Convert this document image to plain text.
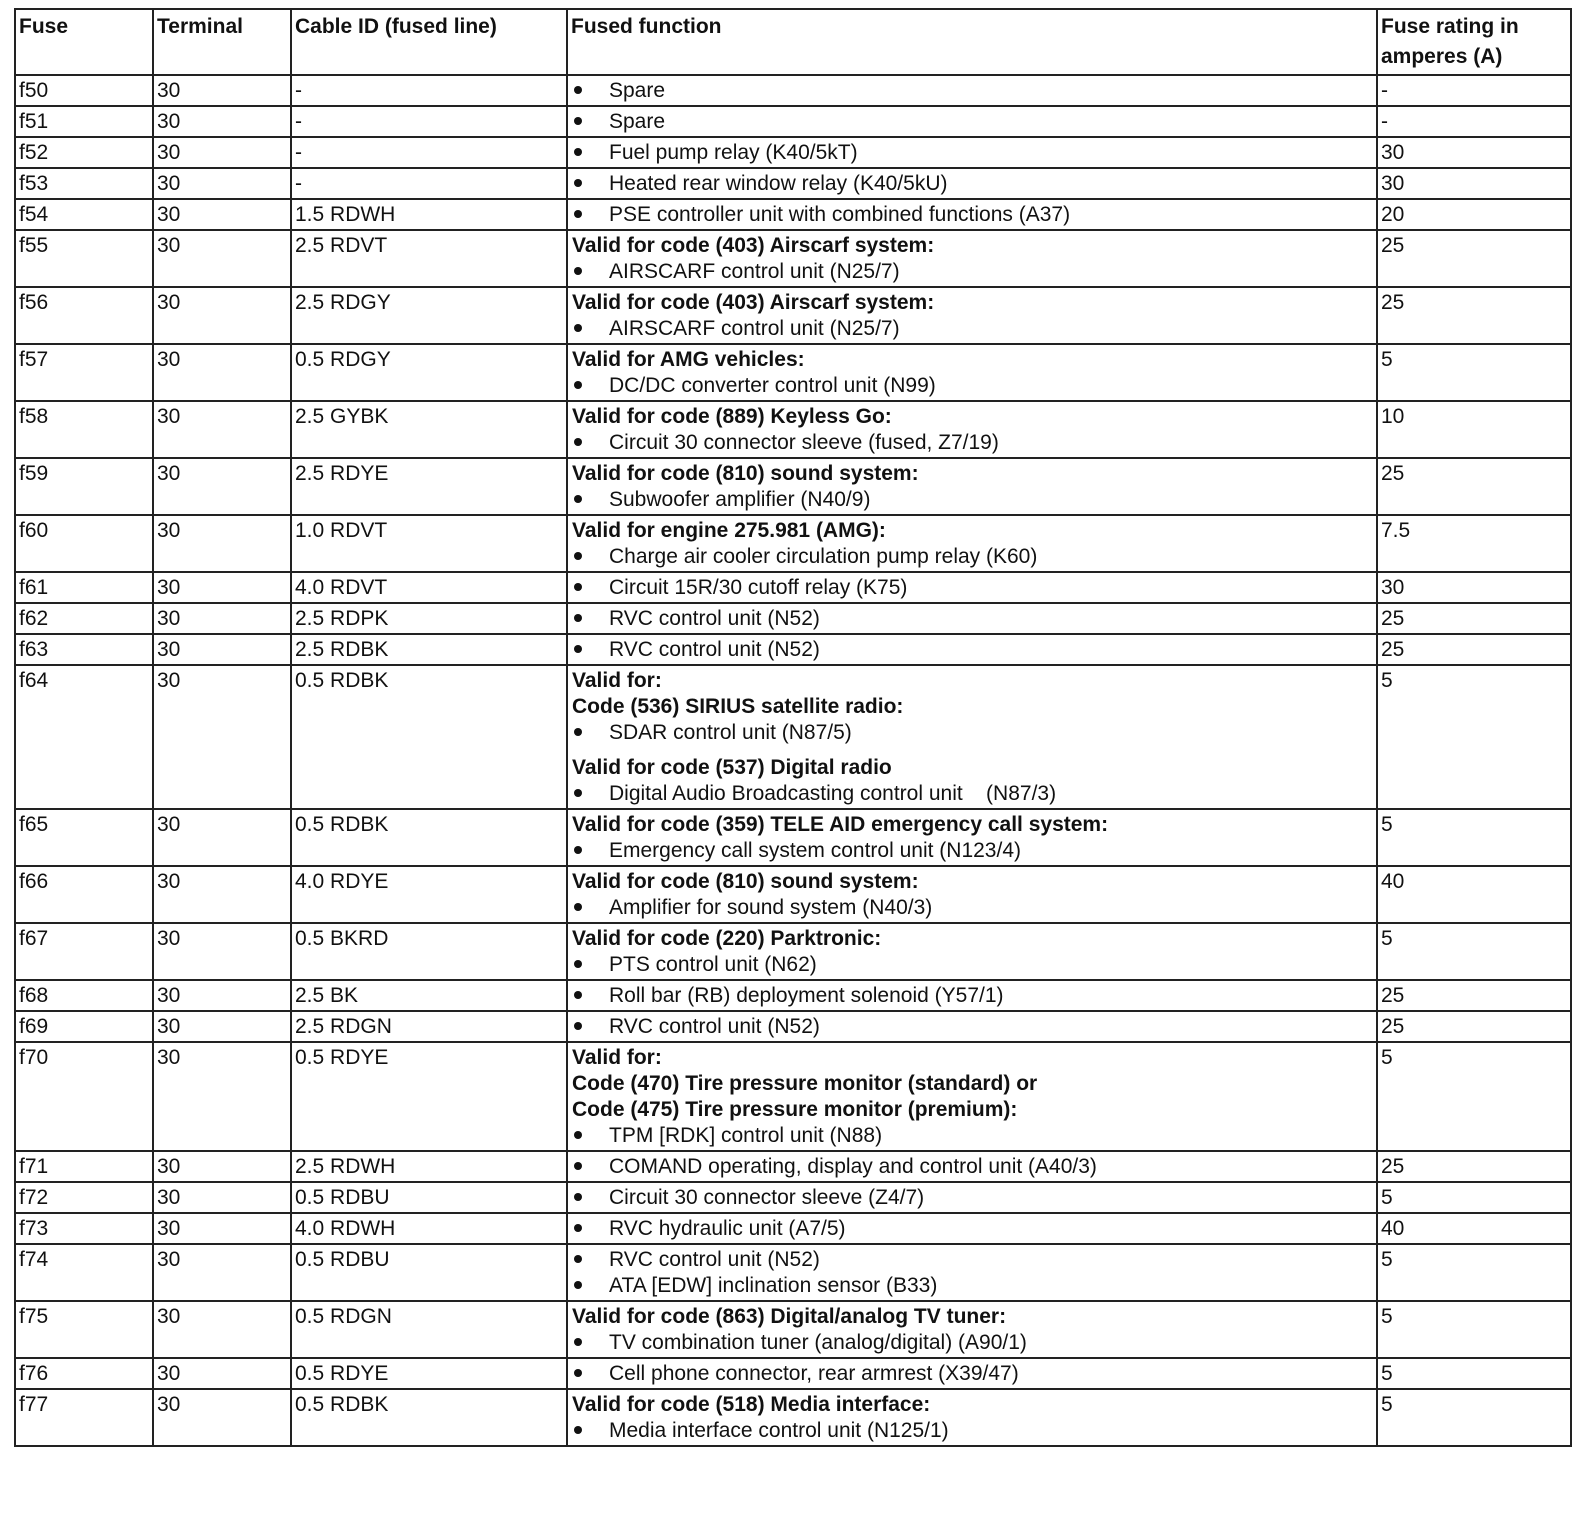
Fuse	Terminal	Cable ID (fused line)	Fused function	Fuse rating in amperes (A)
f50	30	-	Spare	-
f51	30	-	Spare	-
f52	30	-	Fuel pump relay (K40/5kT)	30
f53	30	-	Heated rear window relay (K40/5kU)	30
f54	30	1.5 RDWH	PSE controller unit with combined functions (A37)	20
f55	30	2.5 RDVT	Valid for code (403) Airscarf system:
AIRSCARF control unit (N25/7)	25
f56	30	2.5 RDGY	Valid for code (403) Airscarf system:
AIRSCARF control unit (N25/7)	25
f57	30	0.5 RDGY	Valid for AMG vehicles:
DC/DC converter control unit (N99)	5
f58	30	2.5 GYBK	Valid for code (889) Keyless Go:
Circuit 30 connector sleeve (fused, Z7/19)	10
f59	30	2.5 RDYE	Valid for code (810) sound system:
Subwoofer amplifier (N40/9)	25
f60	30	1.0 RDVT	Valid for engine 275.981 (AMG):
Charge air cooler circulation pump relay (K60)	7.5
f61	30	4.0 RDVT	Circuit 15R/30 cutoff relay (K75)	30
f62	30	2.5 RDPK	RVC control unit (N52)	25
f63	30	2.5 RDBK	RVC control unit (N52)	25
f64	30	0.5 RDBK	Valid for:
Code (536) SIRIUS satellite radio:
SDAR control unit (N87/5)
Valid for code (537) Digital radio
Digital Audio Broadcasting control unit    (N87/3)	5
f65	30	0.5 RDBK	Valid for code (359) TELE AID emergency call system:
Emergency call system control unit (N123/4)	5
f66	30	4.0 RDYE	Valid for code (810) sound system:
Amplifier for sound system (N40/3)	40
f67	30	0.5 BKRD	Valid for code (220) Parktronic:
PTS control unit (N62)	5
f68	30	2.5 BK	Roll bar (RB) deployment solenoid (Y57/1)	25
f69	30	2.5 RDGN	RVC control unit (N52)	25
f70	30	0.5 RDYE	Valid for:
Code (470) Tire pressure monitor (standard) or
Code (475) Tire pressure monitor (premium):
TPM [RDK] control unit (N88)	5
f71	30	2.5 RDWH	COMAND operating, display and control unit (A40/3)	25
f72	30	0.5 RDBU	Circuit 30 connector sleeve (Z4/7)	5
f73	30	4.0 RDWH	RVC hydraulic unit (A7/5)	40
f74	30	0.5 RDBU	RVC control unit (N52)
ATA [EDW] inclination sensor (B33)	5
f75	30	0.5 RDGN	Valid for code (863) Digital/analog TV tuner:
TV combination tuner (analog/digital) (A90/1)	5
f76	30	0.5 RDYE	Cell phone connector, rear armrest (X39/47)	5
f77	30	0.5 RDBK	Valid for code (518) Media interface:
Media interface control unit (N125/1)	5
